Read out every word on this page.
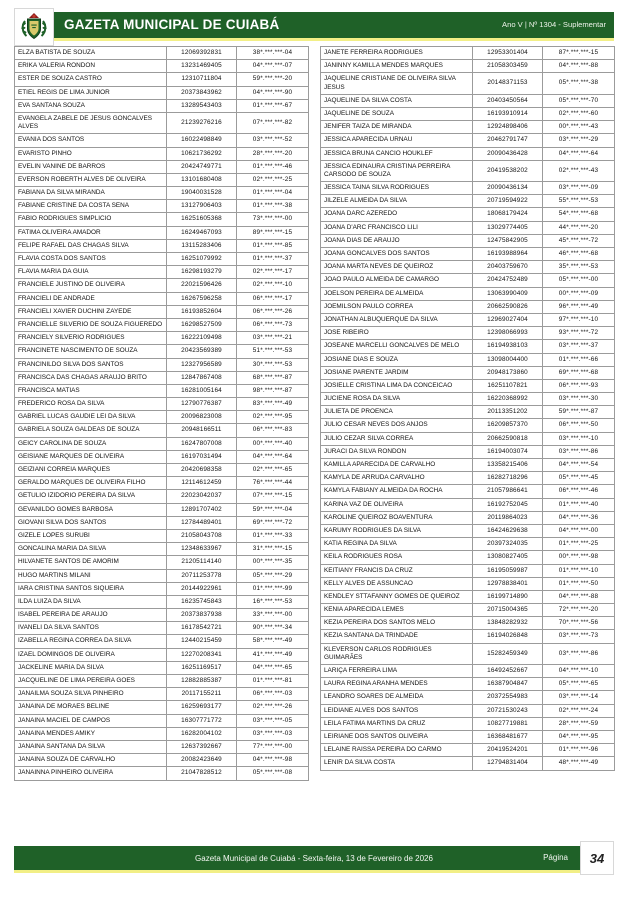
GAZETA MUNICIPAL DE CUIABÁ	Ano V | Nº 1304 - Suplementar
ELZA BATISTA DE SOUZA	12069392831	38*.***.***-04
ERIKA VALERIA RONDON	13231469405	04*.***.***-07
ESTER DE SOUZA CASTRO	12310711804	59*.***.***-20
ETIEL REGIS DE LIMA JUNIOR	20373843962	04*.***.***-90
EVA SANTANA SOUZA	13289543403	01*.***.***-67
EVANGELA ZABELE DE JESUS GONCALVES ALVES	21239276216	07*.***.***-82
EVANIA DOS SANTOS	16022498849	03*.***.***-52
EVARISTO PINHO	10621736292	28*.***.***-20
EVELIN VANINE DE BARROS	20424749771	01*.***.***-46
EVERSON ROBERTH ALVES DE OLIVEIRA	13101680408	02*.***.***-25
FABIANA DA SILVA MIRANDA	19040031528	01*.***.***-04
FABIANE CRISTINE DA COSTA SENA	13127906403	01*.***.***-38
FABIO RODRIGUES SIMPLICIO	16251605368	73*.***.***-00
FATIMA OLIVEIRA AMADOR	16249467093	89*.***.***-15
FELIPE RAFAEL DAS CHAGAS SILVA	13115283406	01*.***.***-85
FLAVIA COSTA DOS SANTOS	16251079992	01*.***.***-37
FLAVIA MARIA DA GUIA	16298193279	02*.***.***-17
FRANCIELE JUSTINO DE OLIVEIRA	22021596426	02*.***.***-10
FRANCIELI DE ANDRADE	16267596258	06*.***.***-17
FRANCIELI XAVIER DUCHINI ZAYEDE	16193852604	06*.***.***-26
FRANCIELLE SILVERIO DE SOUZA FIGUEREDO	16298527509	06*.***.***-73
FRANCIELY SILVERIO RODRIGUES	16222109498	03*.***.***-21
FRANCINETE NASCIMENTO DE SOUZA	20423569389	51*.***.***-53
FRANCINILDO SILVA DOS SANTOS	12327956589	30*.***.***-53
FRANCISCA DAS CHAGAS ARAUJO BRITO	12847867408	68*.***.***-87
FRANCISCA MATIAS	16281005164	98*.***.***-87
FREDERICO ROSA DA SILVA	12790776387	83*.***.***-49
GABRIEL LUCAS GAUDIE LEI DA SILVA	20096823008	02*.***.***-95
GABRIELA SOUZA GALDEAS DE SOUZA	20948166511	06*.***.***-83
GEICY CAROLINA DE SOUZA	16247807008	00*.***.***-40
GEISIANE MARQUES DE OLIVEIRA	16197031494	04*.***.***-64
GEIZIANI CORREIA MARQUES	20420698358	02*.***.***-65
GERALDO MARQUES DE OLIVEIRA FILHO	12114612459	76*.***.***-44
GETULIO IZIDORIO PEREIRA DA SILVA	22023042037	07*.***.***-15
GEVANILDO GOMES BARBOSA	12891707402	59*.***.***-04
GIOVANI SILVA DOS SANTOS	12784489401	69*.***.***-72
GIZELE LOPES SURUBI	21058043708	01*.***.***-33
GONCALINA MARIA DA SILVA	12348633967	31*.***.***-15
HILVANETE SANTOS DE AMORIM	21205114140	00*.***.***-35
HUGO MARTINS MILANI	20711253778	05*.***.***-29
IARA CRISTINA SANTOS SIQUEIRA	20144922961	01*.***.***-99
ILDA LUIZA DA SILVA	16235745843	16*.***.***-53
ISABEL PEREIRA DE ARAUJO	20373837938	33*.***.***-00
IVANELI DA SILVA SANTOS	16178542721	90*.***.***-34
IZABELLA REGINA CORREA DA SILVA	12440215459	58*.***.***-49
IZAEL DOMINGOS DE OLIVEIRA	12270208341	41*.***.***-49
JACKELINE MARIA DA SILVA	16251169517	04*.***.***-65
JACQUELINE DE LIMA PEREIRA GOES	12882885387	01*.***.***-81
JANAILMA SOUZA SILVA PINHEIRO	20117155211	06*.***.***-03
JANAINA DE MORAES BELINE	16259693177	02*.***.***-26
JANAINA MACIEL DE CAMPOS	16307771772	03*.***.***-05
JANAINA MENDES AMIKY	16282004102	03*.***.***-03
JANAINA SANTANA DA SILVA	12637392667	77*.***.***-00
JANAINA SOUZA DE CARVALHO	20082423649	04*.***.***-98
JANAINNA PINHEIRO OLIVEIRA	21047828512	05*.***.***-08
JANETE FERREIRA RODRIGUES	12953301404	87*.***.***-15
JANINNY KAMILLA MENDES MARQUES	21058303459	04*.***.***-88
JAQUELINE CRISTIANE DE OLIVEIRA SILVA JESUS	20148371153	05*.***.***-38
JAQUELINE DA SILVA COSTA	20403450564	05*.***.***-70
JAQUELINE DE SOUZA	16193910914	02*.***.***-60
JENIFER TAIZA DE MIRANDA	12924898406	00*.***.***-43
JESSICA APARECIDA URNAU	20462791747	03*.***.***-29
JESSICA BRUNA CANCIO HOUKLEF	20090436428	04*.***.***-64
JESSICA EDINAURA CRISTINA PERREIRA CARSODO DE SOUZA	20419538202	02*.***.***-43
JESSICA TAINA SILVA RODRIGUES	20090436134	03*.***.***-09
JILZELE ALMEIDA DA SILVA	20719594922	55*.***.***-53
JOANA DARC AZEREDO	18068179424	54*.***.***-68
JOANA D'ARC FRANCISCO LILI	13029774405	44*.***.***-20
JOANA DIAS DE ARAUJO	12475842905	45*.***.***-72
JOANA GONCALVES DOS SANTOS	16193988964	46*.***.***-68
JOANA MARTA NEVES DE QUEIROZ	20403759670	35*.***.***-53
JOAO PAULO ALMEIDA DE CAMARGO	20424752489	05*.***.***-00
JOELSON PEREIRA DE ALMEIDA	13063990409	00*.***.***-09
JOEMILSON PAULO CORREA	20662590826	96*.***.***-49
JONATHAN ALBUQUERQUE DA SILVA	12969027404	97*.***.***-10
JOSE RIBEIRO	12398066993	93*.***.***-72
JOSEANE MARCELLI GONCALVES DE MELO	16194938103	03*.***.***-37
JOSIANE DIAS E SOUZA	13098004400	01*.***.***-66
JOSIANE PARENTE JARDIM	20948173860	69*.***.***-68
JOSIELLE CRISTINA LIMA DA CONCEICAO	16251107821	06*.***.***-93
JUCIENE ROSA DA SILVA	16220368992	03*.***.***-30
JULIETA DE PROENCA	20113351202	59*.***.***-87
JULIO CESAR NEVES DOS ANJOS	16209857370	06*.***.***-50
JULIO CEZAR SILVA CORREA	20662590818	03*.***.***-10
JURACI DA SILVA RONDON	16194003074	03*.***.***-86
KAMILLA APARECIDA DE CARVALHO	13358215406	04*.***.***-54
KAMYLA DE ARRUDA CARVALHO	16282718296	05*.***.***-45
KAMYLA FABIANY ALMEIDA DA ROCHA	21057986641	06*.***.***-46
KARINA VAZ DE OLIVEIRA	16192752045	01*.***.***-40
KAROLINE QUEIROZ BOAVENTURA	20119864023	04*.***.***-36
KARUMY RODRIGUES DA SILVA	16424629638	04*.***.***-00
KATIA REGINA DA SILVA	20397324035	01*.***.***-25
KEILA RODRIGUES ROSA	13080827405	00*.***.***-98
KEITIANY FRANCIS DA CRUZ	16195059987	01*.***.***-10
KELLY ALVES DE ASSUNCAO	12978838401	01*.***.***-50
KENDLEY STTAFANNY GOMES DE QUEIROZ	16199714890	04*.***.***-88
KENIA APARECIDA LEMES	20715004365	72*.***.***-20
KEZIA PEREIRA DOS SANTOS MELO	13848282932	70*.***.***-56
KEZIA SANTANA DA TRINDADE	16194026848	03*.***.***-73
KLEVERSON CARLOS RODRIGUES GUIMARÃES	15282459349	03*.***.***-86
LARIÇA FERREIRA LIMA	16492452667	04*.***.***-10
LAURA REGINA ARANHA MENDES	16387904847	05*.***.***-65
LEANDRO SOARES DE ALMEIDA	20372554983	03*.***.***-14
LEIDIANE ALVES DOS SANTOS	20721530243	02*.***.***-24
LEILA FATIMA MARTINS DA CRUZ	10827719881	28*.***.***-59
LEIRIANE DOS SANTOS OLIVEIRA	16368481677	04*.***.***-95
LELAINE RAISSA PEREIRA DO CARMO	20419524201	01*.***.***-96
LENIR DA SILVA COSTA	12794831404	48*.***.***-49
Gazeta Municipal de Cuiabá - Sexta-feira, 13 de Fevereiro de 2026	Página	34
